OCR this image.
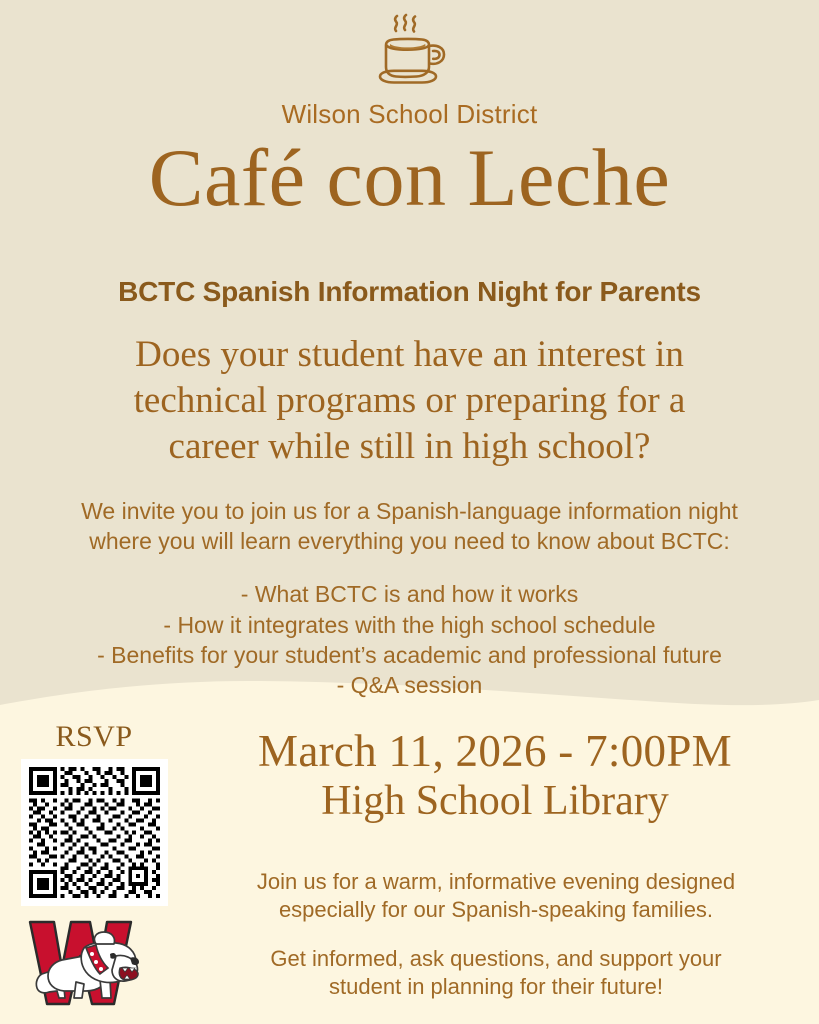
Wilson School District
Café con Leche
BCTC Spanish Information Night for Parents
Does your student have an interest in
technical programs or preparing for a
career while still in high school?
We invite you to join us for a Spanish-language information night
where you will learn everything you need to know about BCTC:
- What BCTC is and how it works
- How it integrates with the high school schedule
- Benefits for your student’s academic and professional future
- Q&A session
RSVP	March 11, 2026 - 7:00PM
High School Library
Join us for a warm, informative evening designed
especially for our Spanish-speaking families.
Get informed, ask questions, and support your
student in planning for their future!
